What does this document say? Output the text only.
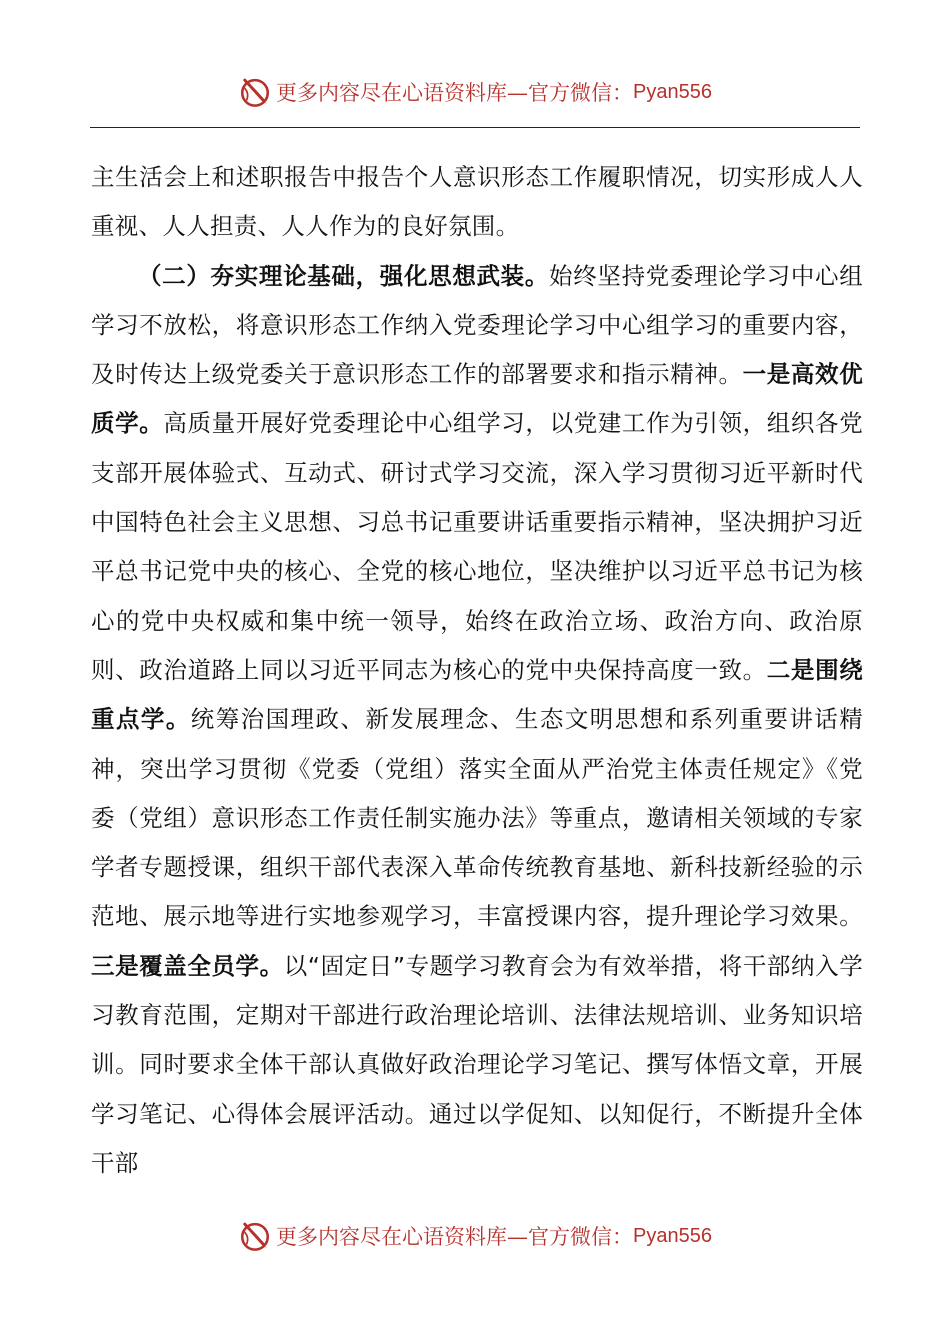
更多内容尽在心语资料库— 官方微信： Pyan556

主生活会上和述职报告中报告个人意识形态工作履职情况，切实形成人人重视、人人担责、人人作为的良好氛围。

（二）夯实理论基础，强化思想武装。始终坚持党委理论学习中心组学习不放松，将意识形态工作纳入党委理论学习中心组学习的重要内容，及时传达上级党委关于意识形态工作的部署要求和指示精神。一是高效优质学。高质量开展好党委理论中心组学习，以党建工作为引领，组织各党支部开展体验式、互动式、研讨式学习交流，深入学习贯彻习近平新时代中国特色社会主义思想、习总书记重要讲话重要指示精神，坚决拥护习近平总书记党中央的核心、全党的核心地位，坚决维护以习近平总书记为核心的党中央权威和集中统一领导，始终在政治立场、政治方向、政治原则、政治道路上同以习近平同志为核心的党中央保持高度一致。二是围绕重点学。统筹治国理政、新发展理念、生态文明思想和系列重要讲话精神，突出学习贯彻《党委（党组）落实全面从严治党主体责任规定》《党委（党组）意识形态工作责任制实施办法》等重点，邀请相关领域的专家学者专题授课，组织干部代表深入革命传统教育基地、新科技新经验的示范地、展示地等进行实地参观学习，丰富授课内容，提升理论学习效果。三是覆盖全员学。以“固定日”专题学习教育会为有效举措，将干部纳入学习教育范围，定期对干部进行政治理论培训、法律法规培训、业务知识培训。同时要求全体干部认真做好政治理论学习笔记、撰写体悟文章，开展学习笔记、心得体会展评活动。通过以学促知、以知促行，不断提升全体干部

更多内容尽在心语资料库— 官方微信： Pyan556
